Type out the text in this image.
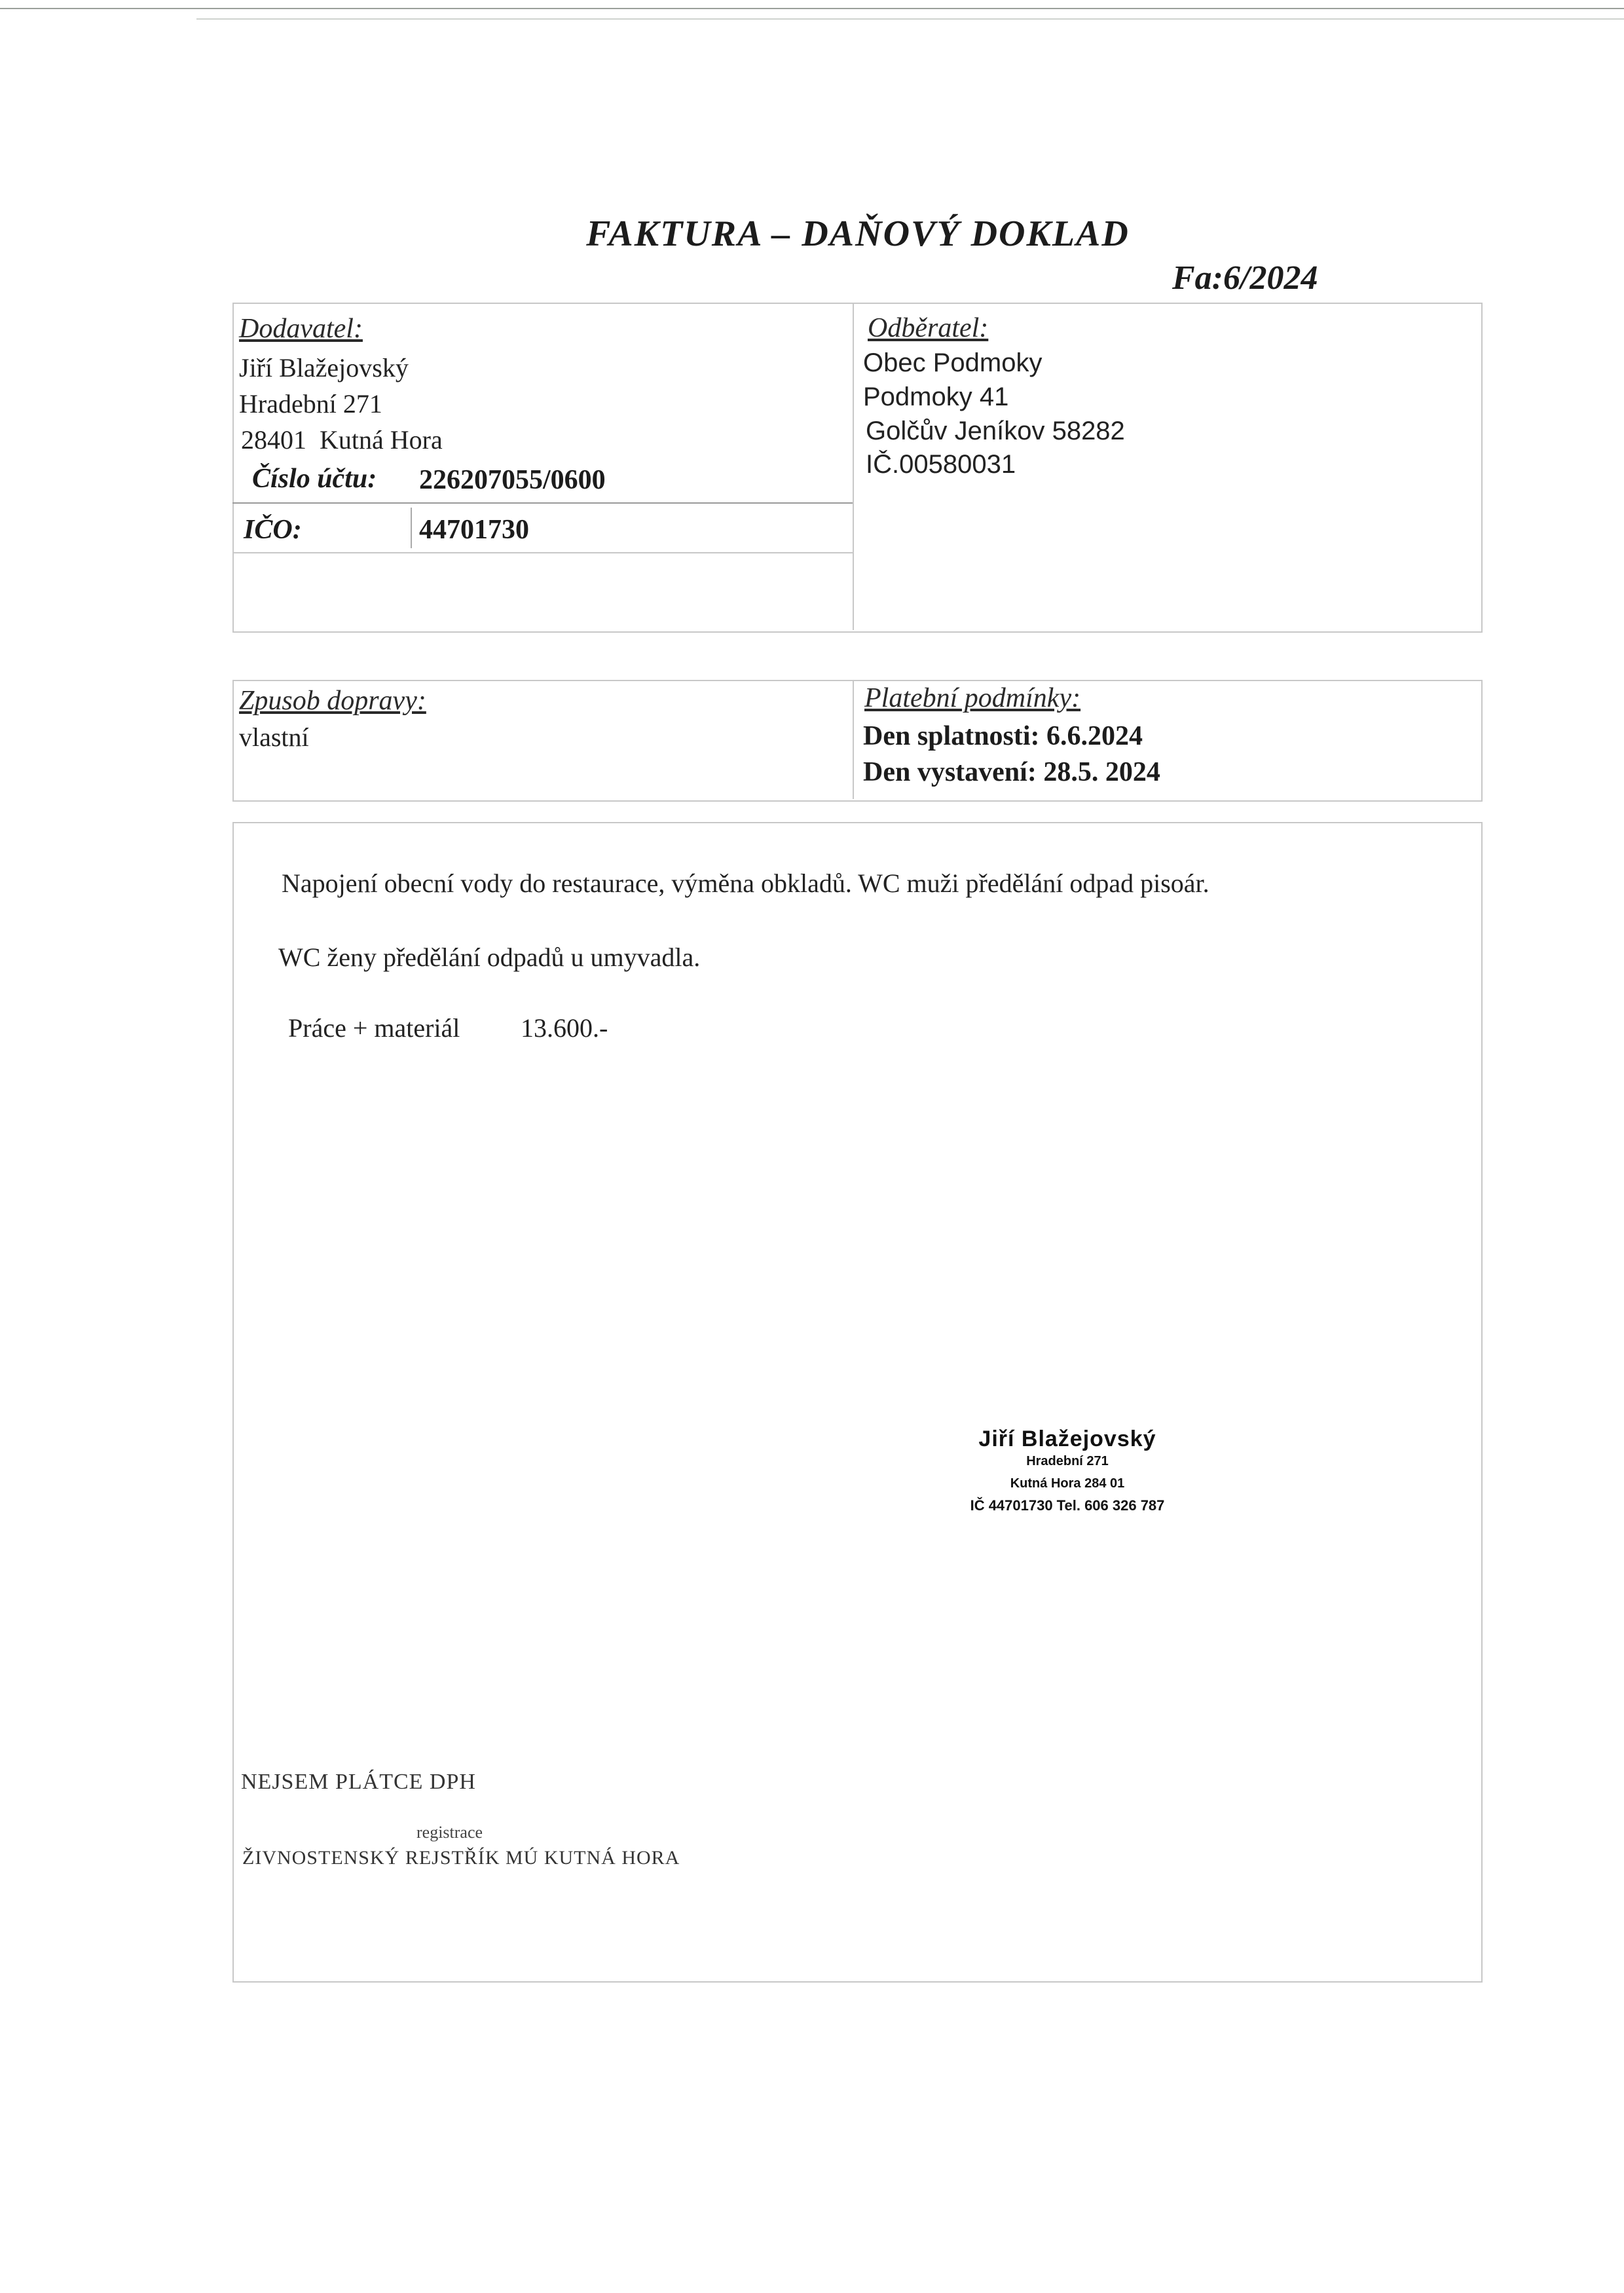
FAKTURA – DAŇOVÝ DOKLAD
Fa:6/2024
Dodavatel:
Jiří Blažejovský
Hradební 271
28401  Kutná Hora
Číslo účtu: 226207055/0600
IČO:	44701730
Odběratel:
Obec Podmoky
Podmoky 41
Golčův Jeníkov 58282
IČ.00580031
Zpusob dopravy:
vlastní
Platební podmínky:
Den splatnosti: 6.6.2024
Den vystavení: 28.5. 2024
Napojení obecní vody do restaurace, výměna obkladů. WC muži předělání odpad pisoár.
WC ženy předělání odpadů u umyvadla.
Práce + materiál 13.600.-
Jiří Blažejovský
Hradební 271
Kutná Hora 284 01
IČ 44701730 Tel. 606 326 787
NEJSEM PLÁTCE DPH
registrace
ŽIVNOSTENSKÝ REJSTŘÍK MÚ KUTNÁ HORA
